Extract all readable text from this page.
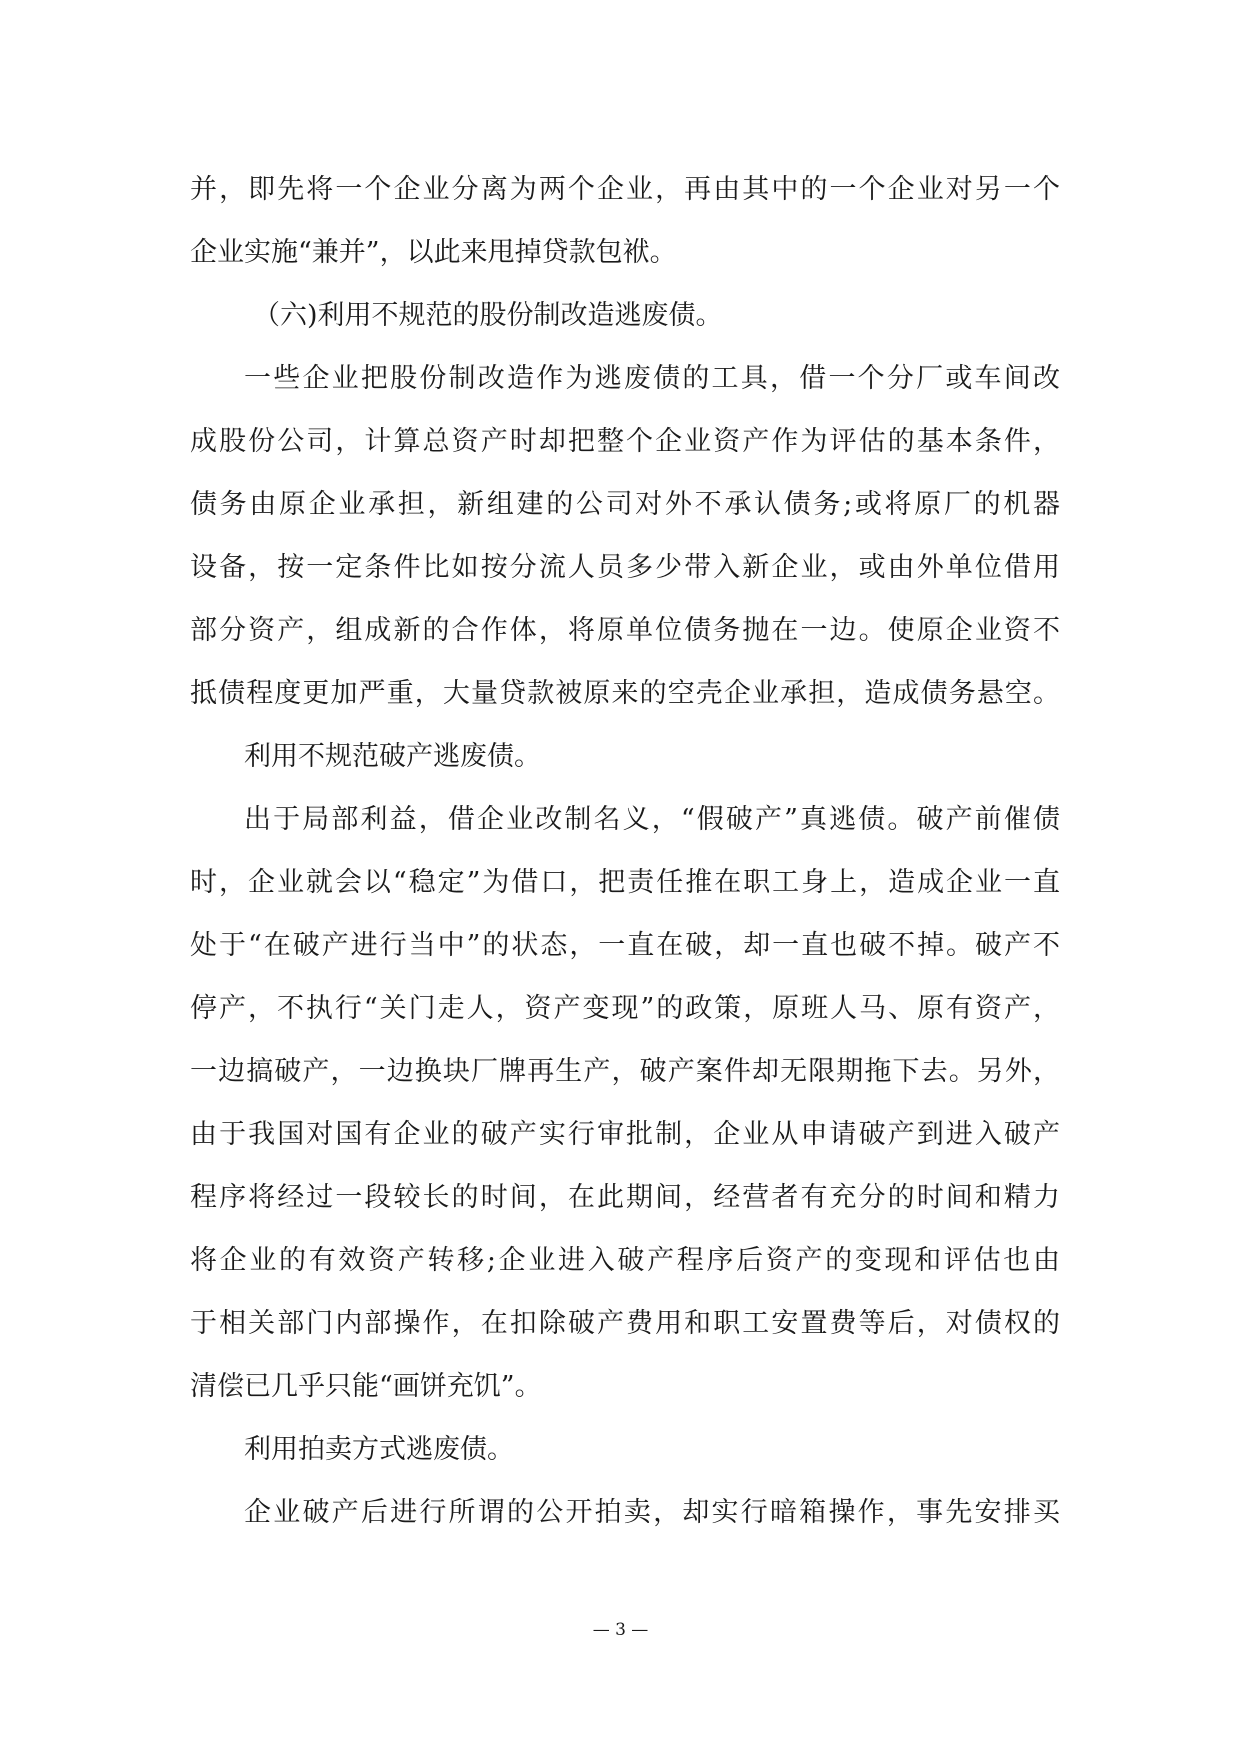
并，即先将一个企业分离为两个企业，再由其中的一个企业对另一个
企业实施“兼并”，以此来甩掉贷款包袱。
（六)利用不规范的股份制改造逃废债。
一些企业把股份制改造作为逃废债的工具，借一个分厂或车间改
成股份公司，计算总资产时却把整个企业资产作为评估的基本条件，
债务由原企业承担，新组建的公司对外不承认债务;或将原厂的机器
设备，按一定条件比如按分流人员多少带入新企业，或由外单位借用
部分资产，组成新的合作体，将原单位债务抛在一边。使原企业资不
抵债程度更加严重，大量贷款被原来的空壳企业承担，造成债务悬空。
利用不规范破产逃废债。
出于局部利益，借企业改制名义，“假破产”真逃债。破产前催债
时，企业就会以“稳定”为借口，把责任推在职工身上，造成企业一直
处于“在破产进行当中”的状态，一直在破，却一直也破不掉。破产不
停产，不执行“关门走人，资产变现”的政策，原班人马、原有资产，
一边搞破产，一边换块厂牌再生产，破产案件却无限期拖下去。另外，
由于我国对国有企业的破产实行审批制，企业从申请破产到进入破产
程序将经过一段较长的时间，在此期间，经营者有充分的时间和精力
将企业的有效资产转移;企业进入破产程序后资产的变现和评估也由
于相关部门内部操作，在扣除破产费用和职工安置费等后，对债权的
清偿已几乎只能“画饼充饥”。
利用拍卖方式逃废债。
企业破产后进行所谓的公开拍卖，却实行暗箱操作，事先安排买
— 3 —
